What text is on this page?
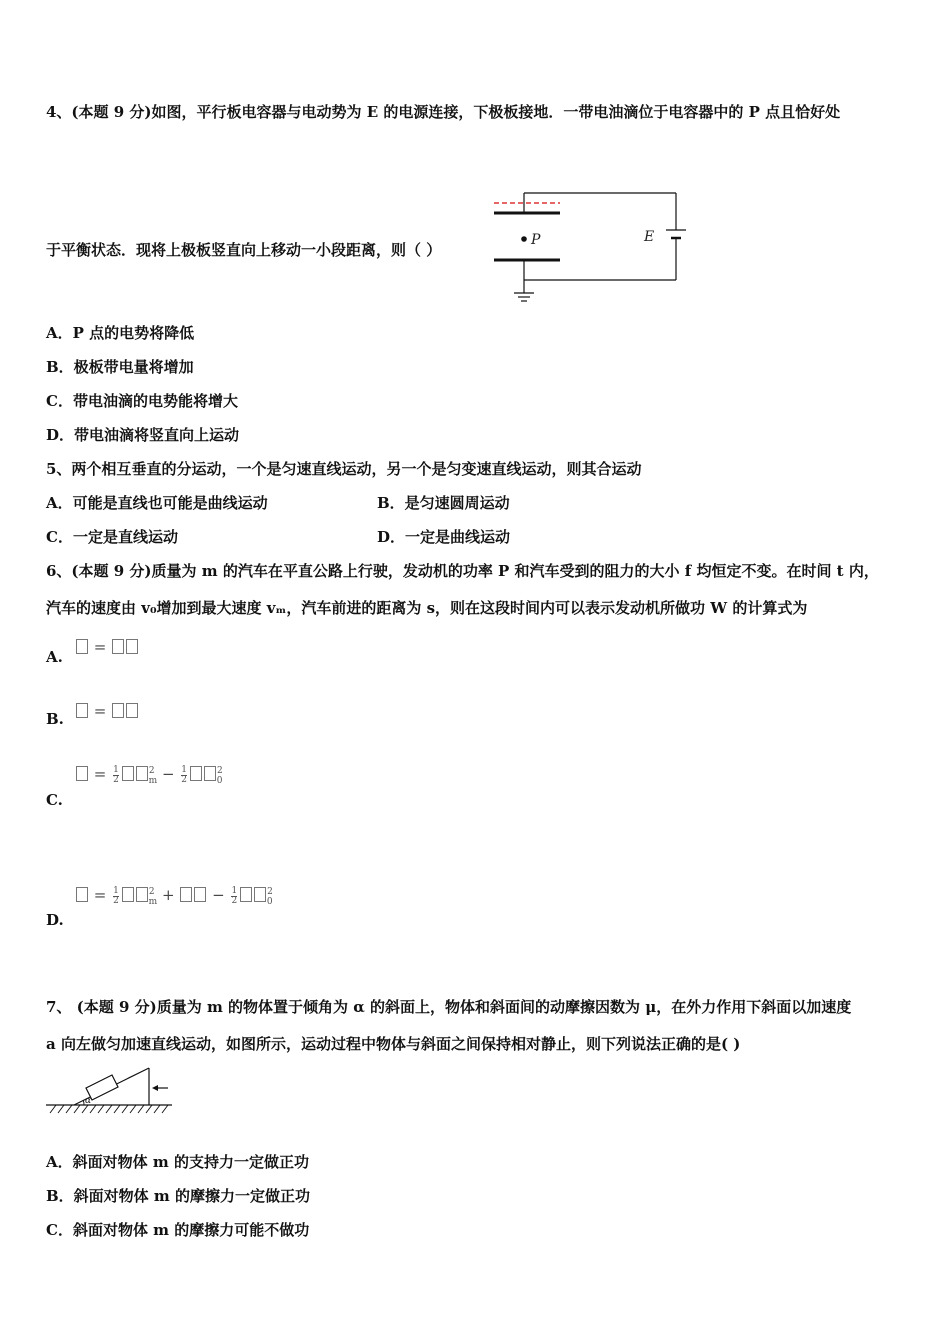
4、(本题 9 分)如图，平行板电容器与电动势为 E 的电源连接，下极板接地．一带电油滴位于电容器中的 P 点且恰好处
P	E
于平衡状态．现将上极板竖直向上移动一小段距离，则（ ）
A．P 点的电势将降低
B．极板带电量将增加
C．带电油滴的电势能将增大
D．带电油滴将竖直向上运动
5、两个相互垂直的分运动，一个是匀速直线运动，另一个是匀变速直线运动，则其合运动
A．可能是直线也可能是曲线运动	B．是匀速圆周运动
C．一定是直线运动	D．一定是曲线运动
6、(本题 9 分)质量为 m 的汽车在平直公路上行驶，发动机的功率 P 和汽车受到的阻力的大小 f 均恒定不变。在时间 t 内，
汽车的速度由 v₀增加到最大速度 vₘ，汽车前进的距离为 s，则在这段时间内可以表示发动机所做功 W 的计算式为
A.
=
B.	=
C.
= $\frac{1}{2}$	$^2_m - \frac{1}{2}$	$^2_0$
D.
= $\frac{1}{2}$	$^2_m$ +	− $\frac{1}{2}$	$^2_0$
7、 (本题 9 分)质量为 m 的物体置于倾角为 α 的斜面上，物体和斜面间的动摩擦因数为 μ，在外力作用下斜面以加速度
a 向左做匀加速直线运动，如图所示，运动过程中物体与斜面之间保持相对静止，则下列说法正确的是( )
α
A．斜面对物体 m 的支持力一定做正功
B．斜面对物体 m 的摩擦力一定做正功
C．斜面对物体 m 的摩擦力可能不做功
